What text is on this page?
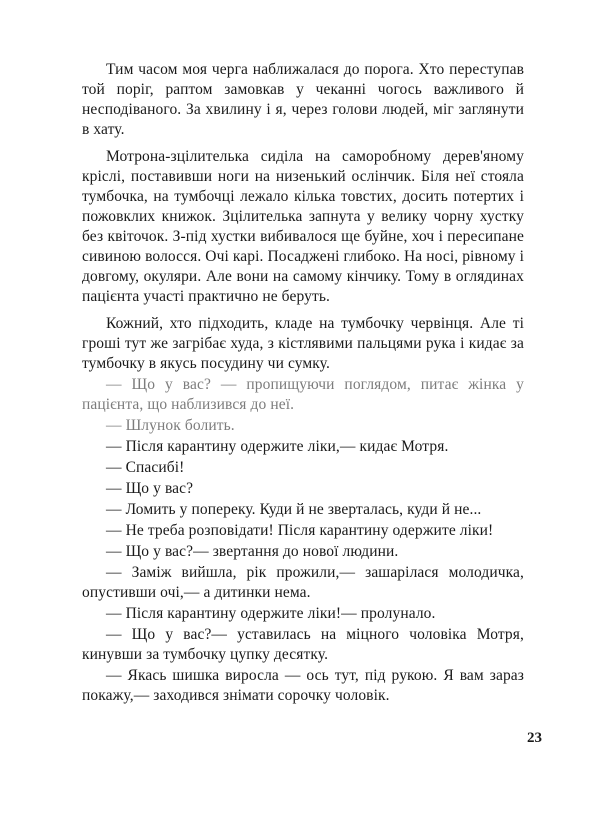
Тим часом моя черга наближалася до порога. Хто переступав той поріг, раптом замовкав у чеканні чогось важливого й несподіваного. За хвилину і я, через голови людей, міг заглянути в хату.

Мотрона-зцілителька сиділа на саморобному дерев'яному кріслі, поставивши ноги на низенький ослінчик. Біля неї стояла тумбочка, на тумбочці лежало кілька товстих, досить потертих і пожовклих книжок. Зцілителька запнута у велику чорну хустку без квіточок. З-під хустки вибивалося ще буйне, хоч і пересипане сивиною волосся. Очі карі. Посаджені глибоко. На носі, рівному і довгому, окуляри. Але вони на самому кінчику. Тому в оглядинах пацієнта участі практично не беруть.

Кожний, хто підходить, кладе на тумбочку червінця. Але ті гроші тут же загрібає худа, з кістлявими пальцями рука і кидає за тумбочку в якусь посудину чи сумку.

— Що у вас? — пропищуючи поглядом, питає жінка у пацієнта, що наблизився до неї.

— Шлунок болить.

— Після карантину одержите ліки,— кидає Мотря.

— Спасибі!

— Що у вас?

— Ломить у попереку. Куди й не зверталась, куди й не...

— Не треба розповідати! Після карантину одержите ліки!

— Що у вас?— звертання до нової людини.

— Заміж вийшла, рік прожили,— зашарілася молодичка, опустивши очі,— а дитинки нема.

— Після карантину одержите ліки!— пролунало.

— Що у вас?— уставилась на міцного чоловіка Мотря, кинувши за тумбочку цупку десятку.

— Якась шишка виросла — ось тут, під рукою. Я вам зараз покажу,— заходився знімати сорочку чоловік.

23
